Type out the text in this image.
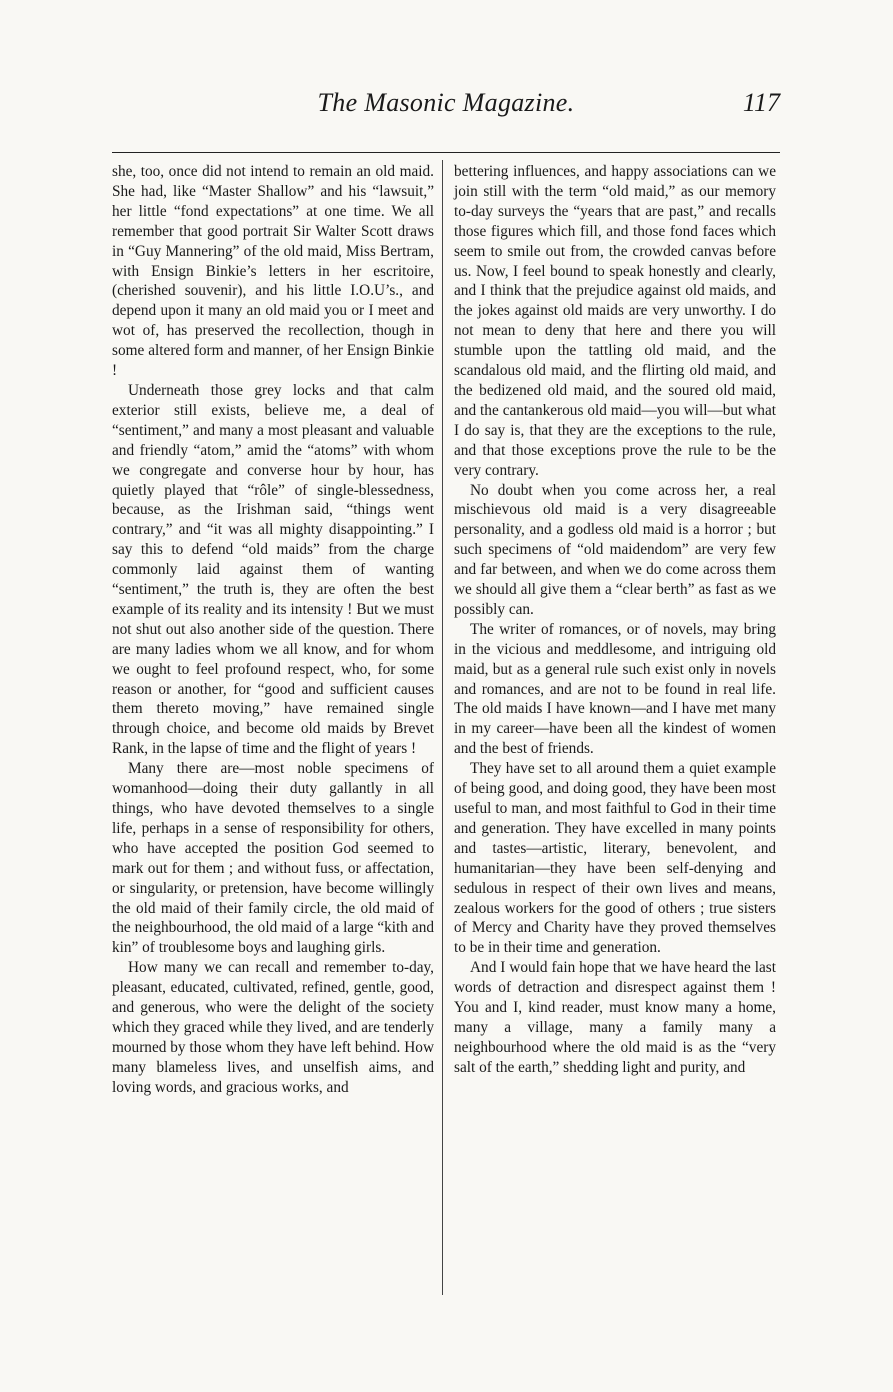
The Masonic Magazine.	117

she, too, once did not intend to remain an old maid. She had, like “Master Shallow” and his “lawsuit,” her little “fond expectations” at one time. We all remember that good portrait Sir Walter Scott draws in “Guy Mannering” of the old maid, Miss Bertram, with Ensign Binkie’s letters in her escritoire, (cherished souvenir), and his little I.O.U’s., and depend upon it many an old maid you or I meet and wot of, has preserved the recollection, though in some altered form and manner, of her Ensign Binkie !

Underneath those grey locks and that calm exterior still exists, believe me, a deal of “sentiment,” and many a most pleasant and valuable and friendly “atom,” amid the “atoms” with whom we congregate and converse hour by hour, has quietly played that “rôle” of single-blessedness, because, as the Irishman said, “things went contrary,” and “it was all mighty disappointing.” I say this to defend “old maids” from the charge commonly laid against them of wanting “sentiment,” the truth is, they are often the best example of its reality and its intensity ! But we must not shut out also another side of the question. There are many ladies whom we all know, and for whom we ought to feel profound respect, who, for some reason or another, for “good and sufficient causes them thereto moving,” have remained single through choice, and become old maids by Brevet Rank, in the lapse of time and the flight of years !

Many there are—most noble specimens of womanhood—doing their duty gallantly in all things, who have devoted themselves to a single life, perhaps in a sense of responsibility for others, who have accepted the position God seemed to mark out for them ; and without fuss, or affectation, or singularity, or pretension, have become willingly the old maid of their family circle, the old maid of the neighbourhood, the old maid of a large “kith and kin” of troublesome boys and laughing girls.

How many we can recall and remember to-day, pleasant, educated, cultivated, refined, gentle, good, and generous, who were the delight of the society which they graced while they lived, and are tenderly mourned by those whom they have left behind. How many blameless lives, and unselfish aims, and loving words, and gracious works, and

bettering influences, and happy associations can we join still with the term “old maid,” as our memory to-day surveys the “years that are past,” and recalls those figures which fill, and those fond faces which seem to smile out from, the crowded canvas before us. Now, I feel bound to speak honestly and clearly, and I think that the prejudice against old maids, and the jokes against old maids are very unworthy. I do not mean to deny that here and there you will stumble upon the tattling old maid, and the scandalous old maid, and the flirting old maid, and the bedizened old maid, and the soured old maid, and the cantankerous old maid—you will—but what I do say is, that they are the exceptions to the rule, and that those exceptions prove the rule to be the very contrary.

No doubt when you come across her, a real mischievous old maid is a very disagreeable personality, and a godless old maid is a horror ; but such specimens of “old maidendom” are very few and far between, and when we do come across them we should all give them a “clear berth” as fast as we possibly can.

The writer of romances, or of novels, may bring in the vicious and meddlesome, and intriguing old maid, but as a general rule such exist only in novels and romances, and are not to be found in real life. The old maids I have known—and I have met many in my career—have been all the kindest of women and the best of friends.

They have set to all around them a quiet example of being good, and doing good, they have been most useful to man, and most faithful to God in their time and generation. They have excelled in many points and tastes—artistic, literary, benevolent, and humanitarian—they have been self-denying and sedulous in respect of their own lives and means, zealous workers for the good of others ; true sisters of Mercy and Charity have they proved themselves to be in their time and generation.

And I would fain hope that we have heard the last words of detraction and disrespect against them ! You and I, kind reader, must know many a home, many a village, many a family many a neighbourhood where the old maid is as the “very salt of the earth,” shedding light and purity, and
